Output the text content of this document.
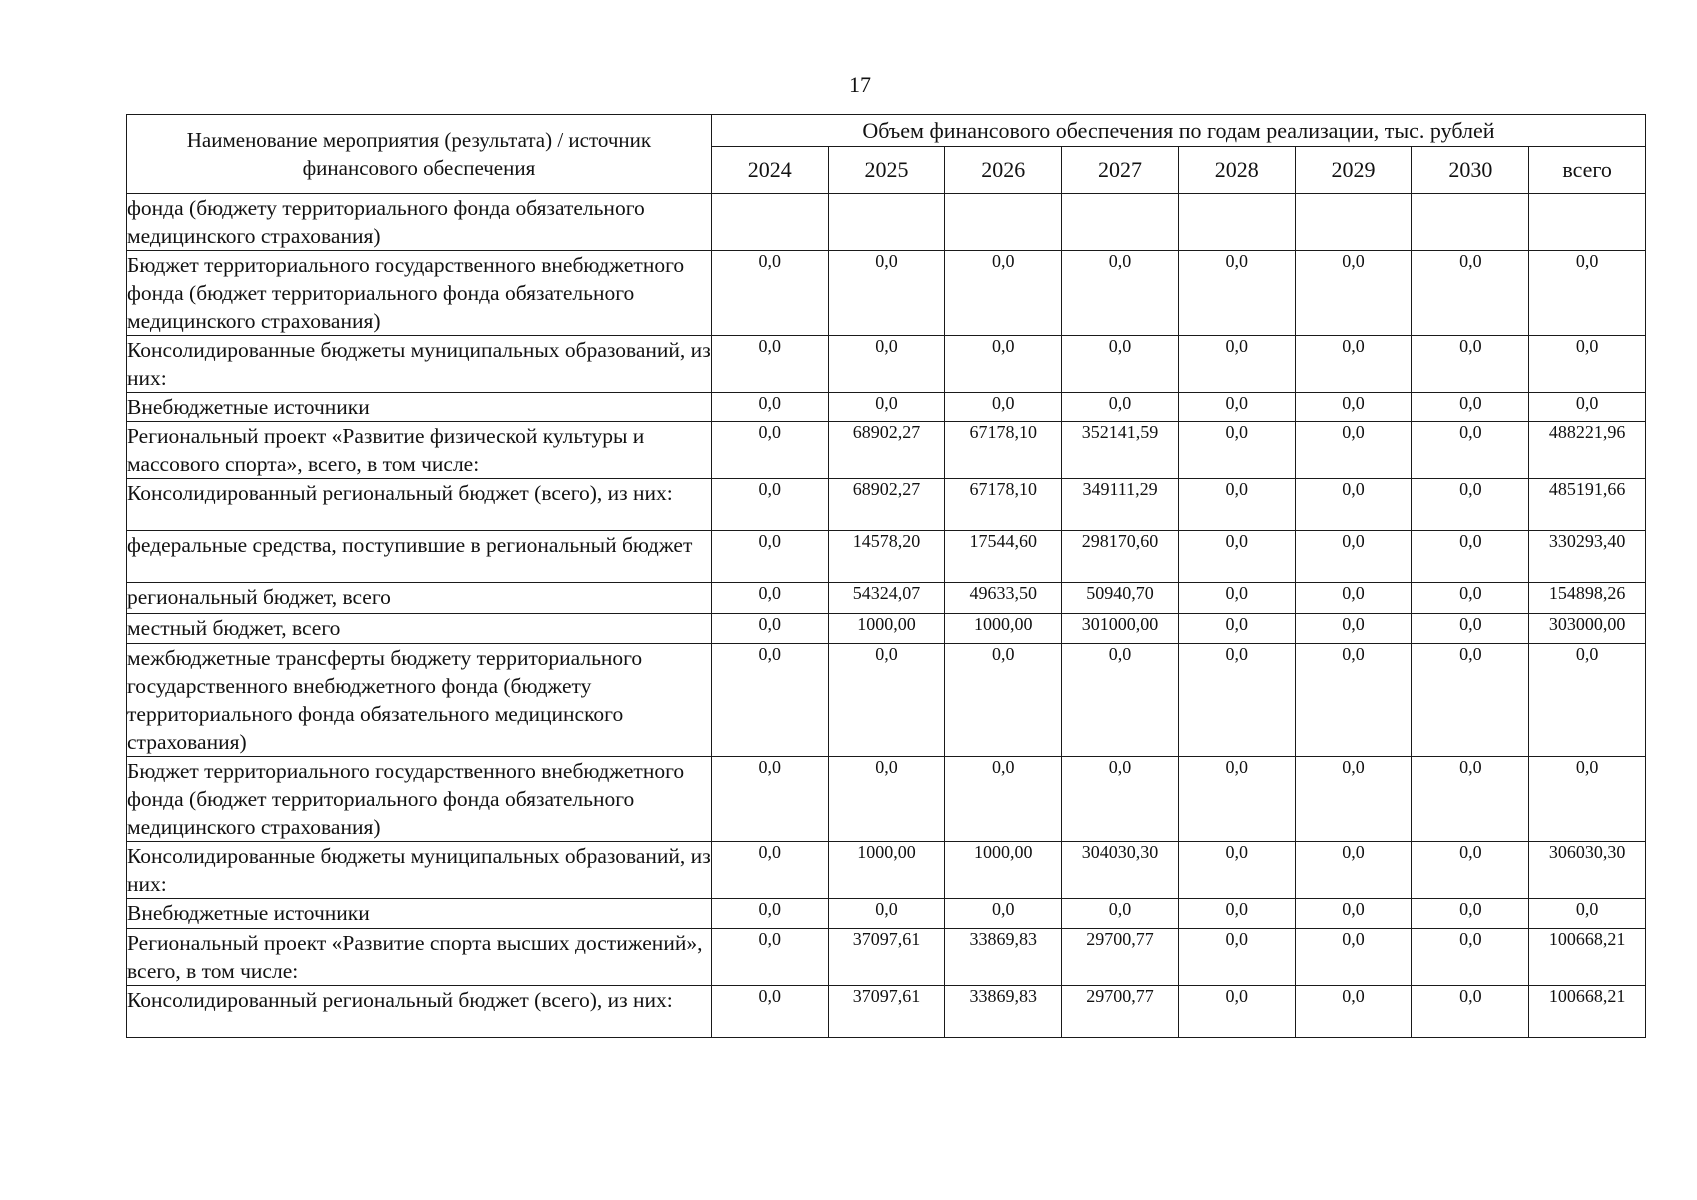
17
Наименование мероприятия (результата) / источник финансового обеспечения	Объем финансового обеспечения по годам реализации, тыс. рублей							
	2024	2025	2026	2027	2028	2029	2030	всего
фонда (бюджету территориального фонда обязательного медицинского страхования)								
Бюджет территориального государственного внебюджетного фонда (бюджет территориального фонда обязательного медицинского страхования)	0,0	0,0	0,0	0,0	0,0	0,0	0,0	0,0
Консолидированные бюджеты муниципальных образований, из них:	0,0	0,0	0,0	0,0	0,0	0,0	0,0	0,0
Внебюджетные источники	0,0	0,0	0,0	0,0	0,0	0,0	0,0	0,0
Региональный проект «Развитие физической культуры и массового спорта», всего, в том числе:	0,0	68902,27	67178,10	352141,59	0,0	0,0	0,0	488221,96
Консолидированный региональный бюджет (всего), из них:	0,0	68902,27	67178,10	349111,29	0,0	0,0	0,0	485191,66
федеральные средства, поступившие в региональный бюджет	0,0	14578,20	17544,60	298170,60	0,0	0,0	0,0	330293,40
региональный бюджет, всего	0,0	54324,07	49633,50	50940,70	0,0	0,0	0,0	154898,26
местный бюджет, всего	0,0	1000,00	1000,00	301000,00	0,0	0,0	0,0	303000,00
межбюджетные трансферты бюджету территориального государственного внебюджетного фонда (бюджету территориального фонда обязательного медицинского страхования)	0,0	0,0	0,0	0,0	0,0	0,0	0,0	0,0
Бюджет территориального государственного внебюджетного фонда (бюджет территориального фонда обязательного медицинского страхования)	0,0	0,0	0,0	0,0	0,0	0,0	0,0	0,0
Консолидированные бюджеты муниципальных образований, из них:	0,0	1000,00	1000,00	304030,30	0,0	0,0	0,0	306030,30
Внебюджетные источники	0,0	0,0	0,0	0,0	0,0	0,0	0,0	0,0
Региональный проект «Развитие спорта высших достижений», всего, в том числе:	0,0	37097,61	33869,83	29700,77	0,0	0,0	0,0	100668,21
Консолидированный региональный бюджет (всего), из них:	0,0	37097,61	33869,83	29700,77	0,0	0,0	0,0	100668,21
